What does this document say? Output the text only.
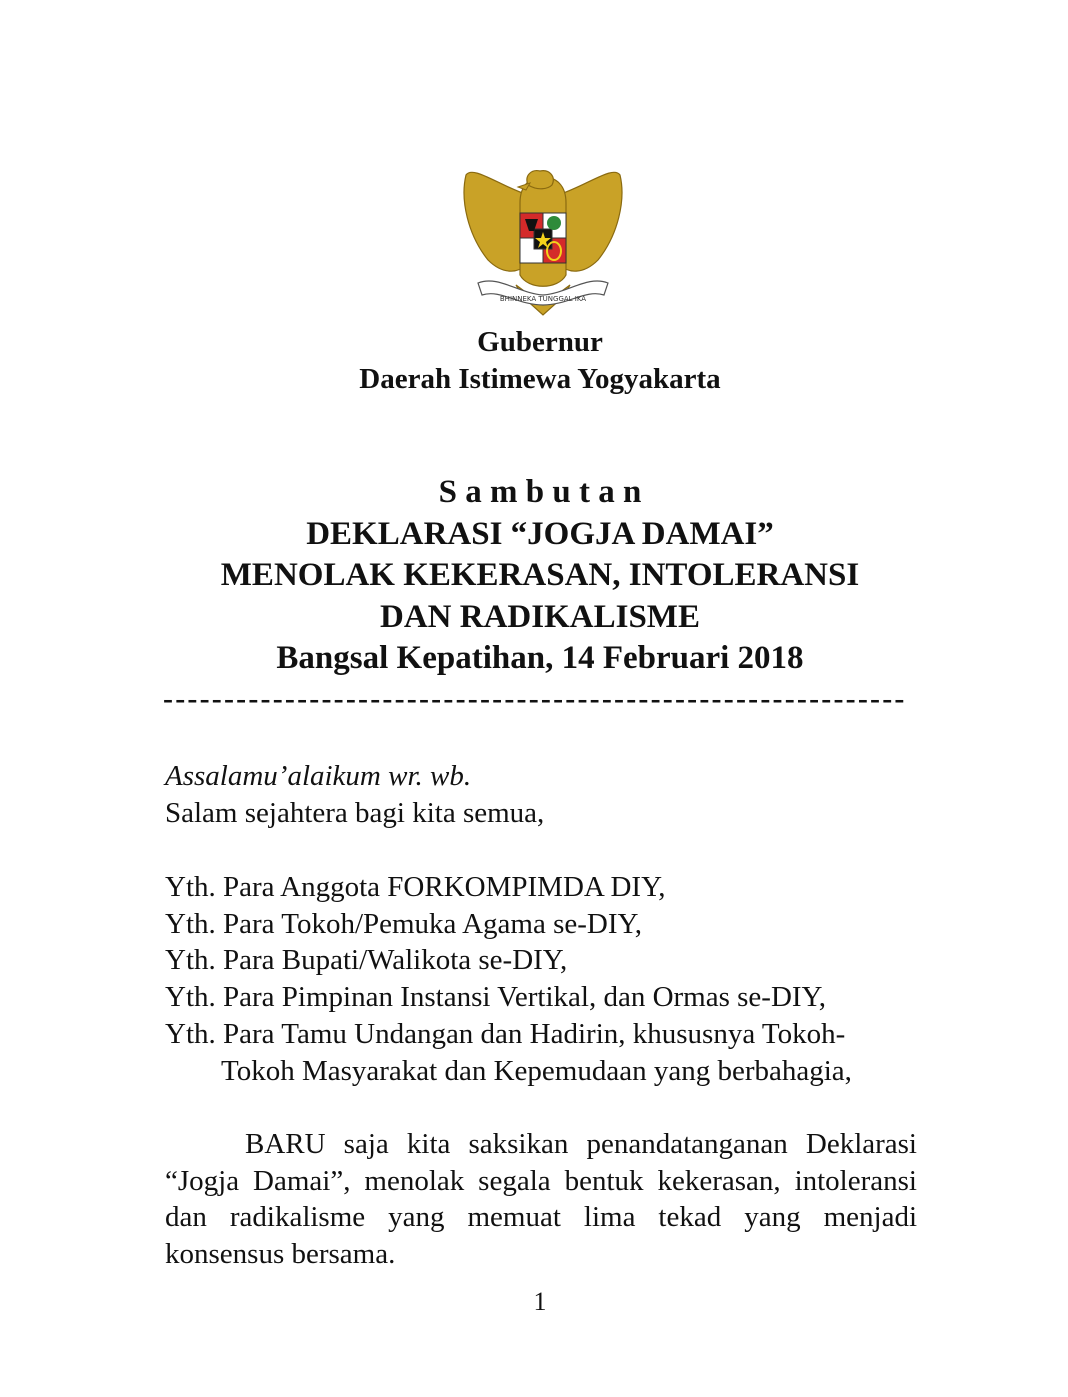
BHINNEKA TUNGGAL IKA
Gubernur
Daerah Istimewa Yogyakarta
S a m b u t a n
DEKLARASI “JOGJA DAMAI”
MENOLAK KEKERASAN, INTOLERANSI
DAN RADIKALISME
Bangsal Kepatihan, 14 Februari 2018
-------------------------------------------------------------

Assalamu’alaikum wr. wb.

Salam sejahtera bagi kita semua,

Yth. Para Anggota FORKOMPIMDA DIY,

Yth. Para Tokoh/Pemuka Agama se-DIY,

Yth. Para Bupati/Walikota se-DIY,

Yth. Para Pimpinan Instansi Vertikal, dan Ormas se-DIY,

Yth. Para Tamu Undangan dan Hadirin, khususnya Tokoh-

Tokoh Masyarakat dan Kepemudaan yang berbahagia,

BARU saja kita saksikan penandatanganan Deklarasi “Jogja Damai”, menolak segala bentuk kekerasan, intoleransi dan radikalisme yang memuat lima tekad yang menjadi konsensus bersama.

1
